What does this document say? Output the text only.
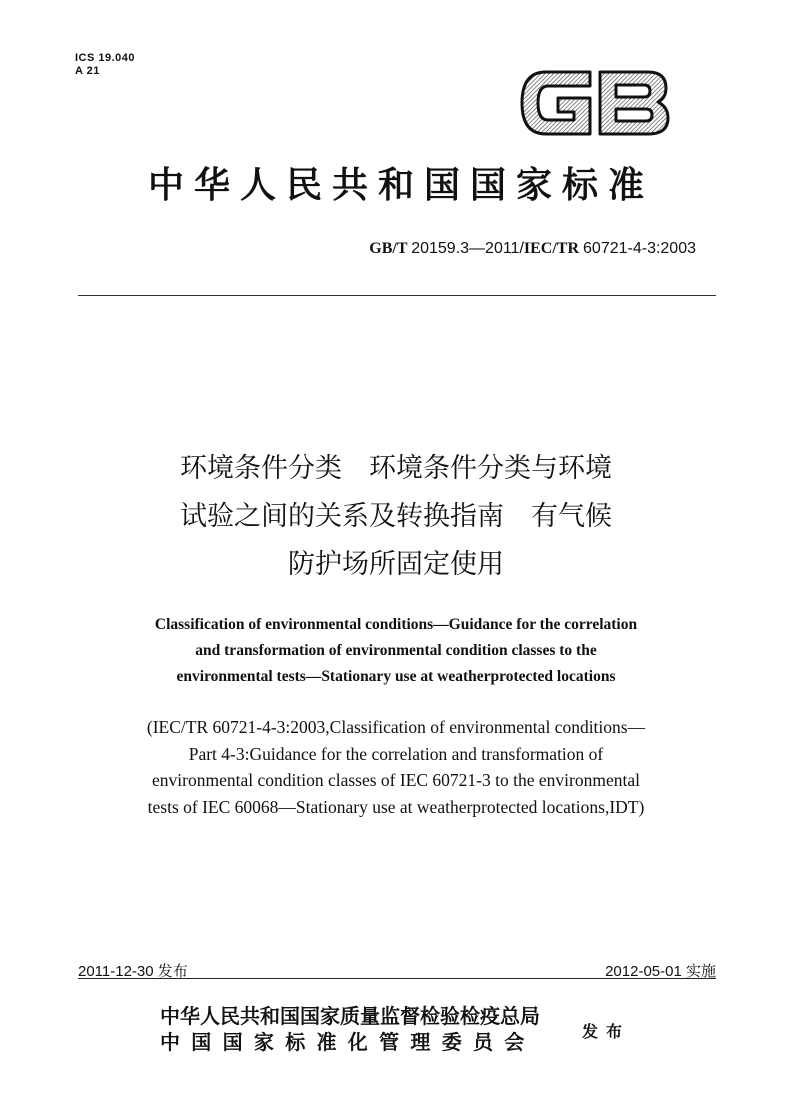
ICS 19.040
A 21
中华人民共和国国家标准
GB/T 20159.3—2011/IEC/TR 60721-4-3:2003
环境条件分类　环境条件分类与环境
试验之间的关系及转换指南　有气候
防护场所固定使用
Classification of environmental conditions—Guidance for the correlation
and transformation of environmental condition classes to the
environmental tests—Stationary use at weatherprotected locations
(IEC/TR 60721-4-3:2003,Classification of environmental conditions—
Part 4-3:Guidance for the correlation and transformation of
environmental condition classes of IEC 60721-3 to the environmental
tests of IEC 60068—Stationary use at weatherprotected locations,IDT)
2011-12-30 发布	2012-05-01 实施
中华人民共和国国家质量监督检验检疫总局
中国国家标准化管理委员会	发布
